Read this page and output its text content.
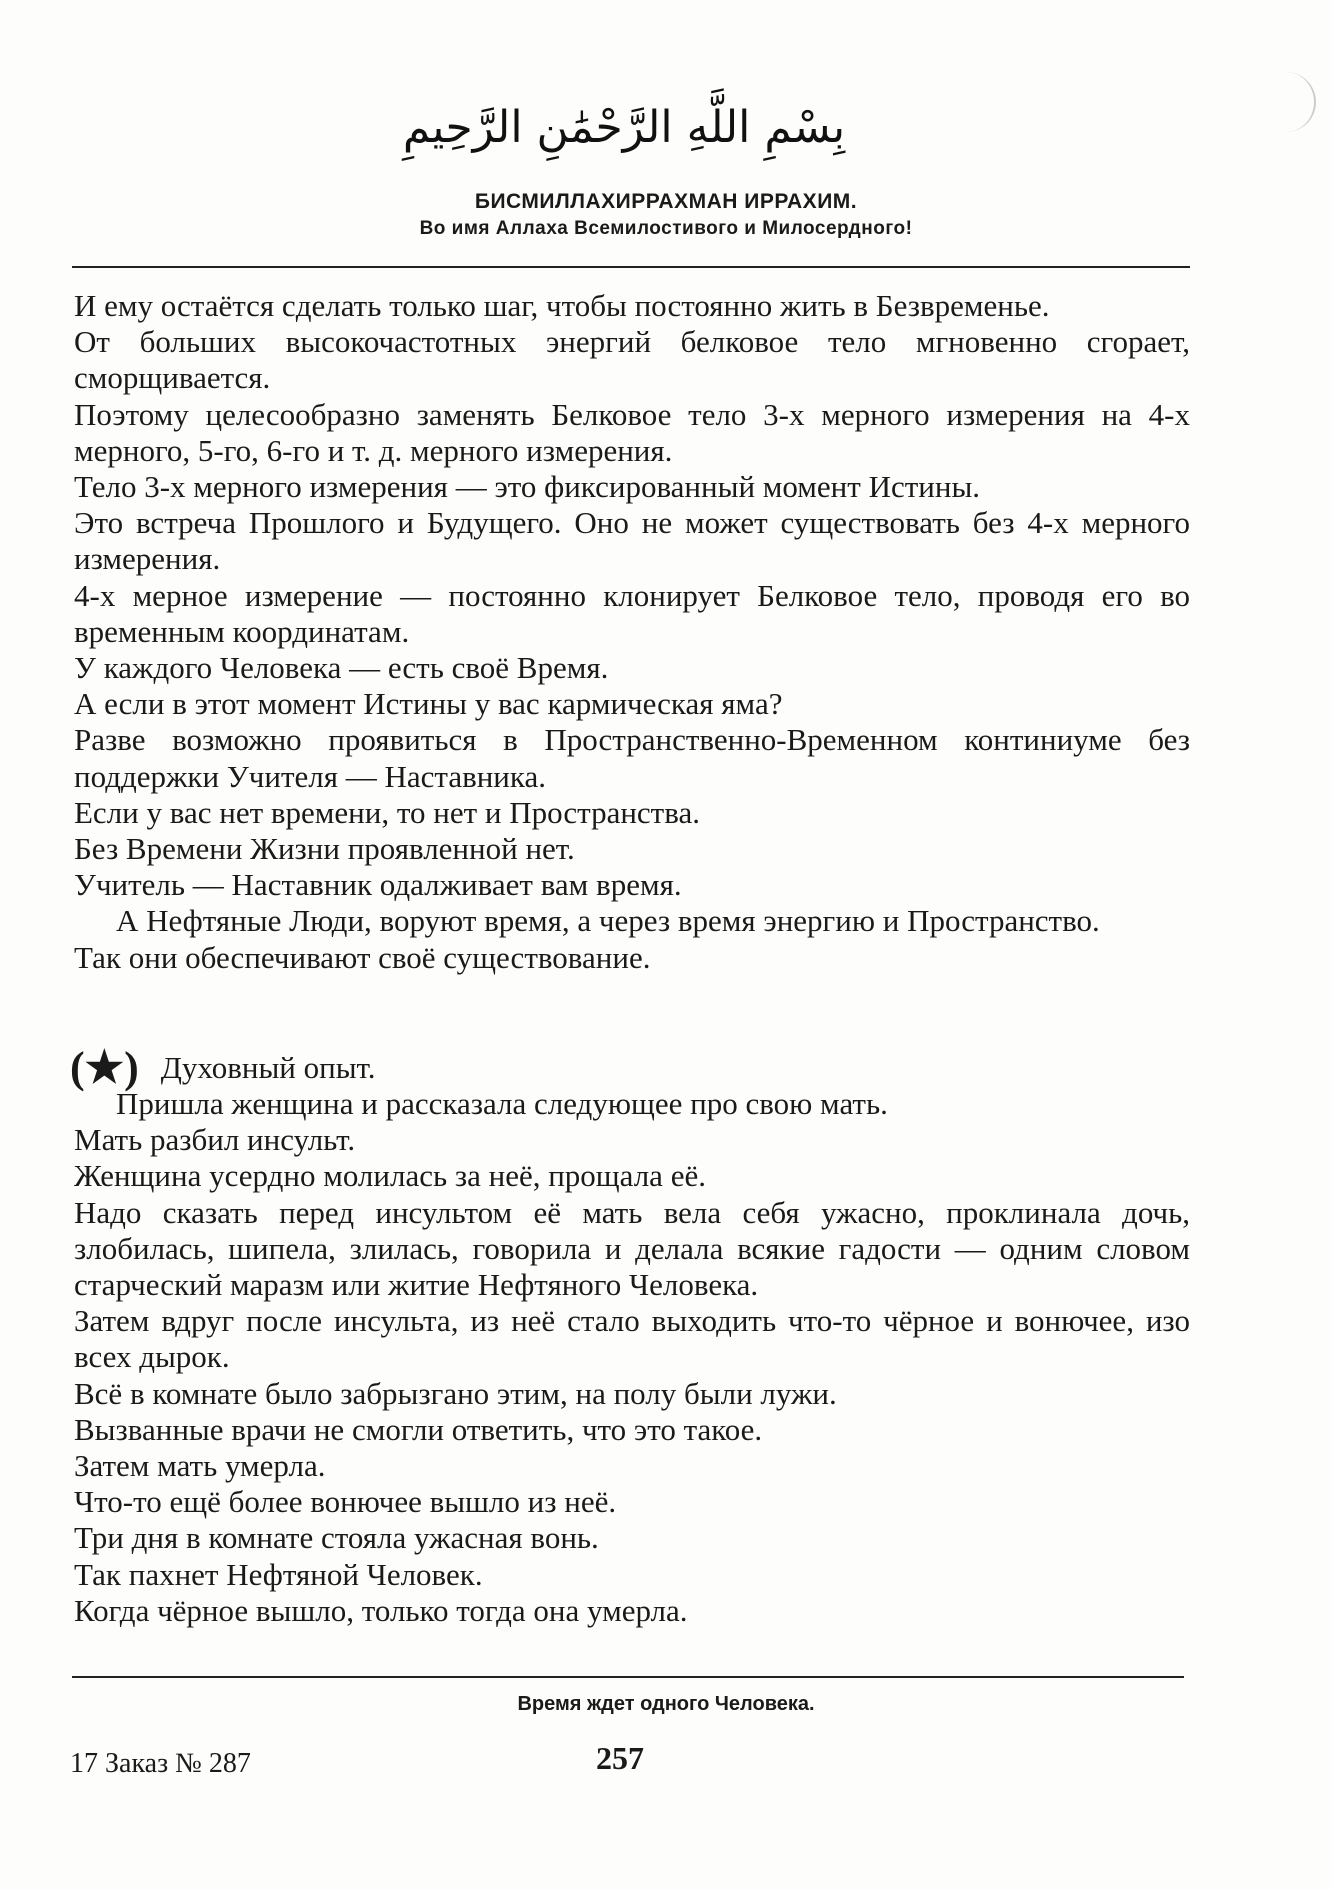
بِسْمِ اللَّهِ الرَّحْمَٰنِ الرَّحِيمِ
БИСМИЛЛАХИРРАХМАН ИРРАХИМ.
Во имя Аллаха Всемилостивого и Милосердного!

И ему остаётся сделать только шаг, чтобы постоянно жить в Безвременье.

От больших высокочастотных энергий белковое тело мгновенно сгорает, сморщивается.

Поэтому целесообразно заменять Белковое тело 3-х мерного измерения на 4-х мерного, 5-го, 6-го и т. д. мерного измерения.

Тело 3-х мерного измерения — это фиксированный момент Истины.

Это встреча Прошлого и Будущего. Оно не может существовать без 4-х мерного измерения.

4-х мерное измерение — постоянно клонирует Белковое тело, проводя его во временным координатам.

У каждого Человека — есть своё Время.

А если в этот момент Истины у вас кармическая яма?

Разве возможно проявиться в Пространственно-Временном континиуме без поддержки Учителя — Наставника.

Если у вас нет времени, то нет и Пространства.

Без Времени Жизни проявленной нет.

Учитель — Наставник одалживает вам время.

А Нефтяные Люди, воруют время, а через время энергию и Пространство.

Так они обеспечивают своё существование.

(★) Духовный опыт.

Пришла женщина и рассказала следующее про свою мать.

Мать разбил инсульт.

Женщина усердно молилась за неё, прощала её.

Надо сказать перед инсультом её мать вела себя ужасно, проклинала дочь, злобилась, шипела, злилась, говорила и делала всякие гадости — одним словом старческий маразм или житие Нефтяного Человека.

Затем вдруг после инсульта, из неё стало выходить что-то чёрное и вонючее, изо всех дырок.

Всё в комнате было забрызгано этим, на полу были лужи.

Вызванные врачи не смогли ответить, что это такое.

Затем мать умерла.

Что-то ещё более вонючее вышло из неё.

Три дня в комнате стояла ужасная вонь.

Так пахнет Нефтяной Человек.

Когда чёрное вышло, только тогда она умерла.

Время ждет одного Человека.
17 Заказ № 287	257
